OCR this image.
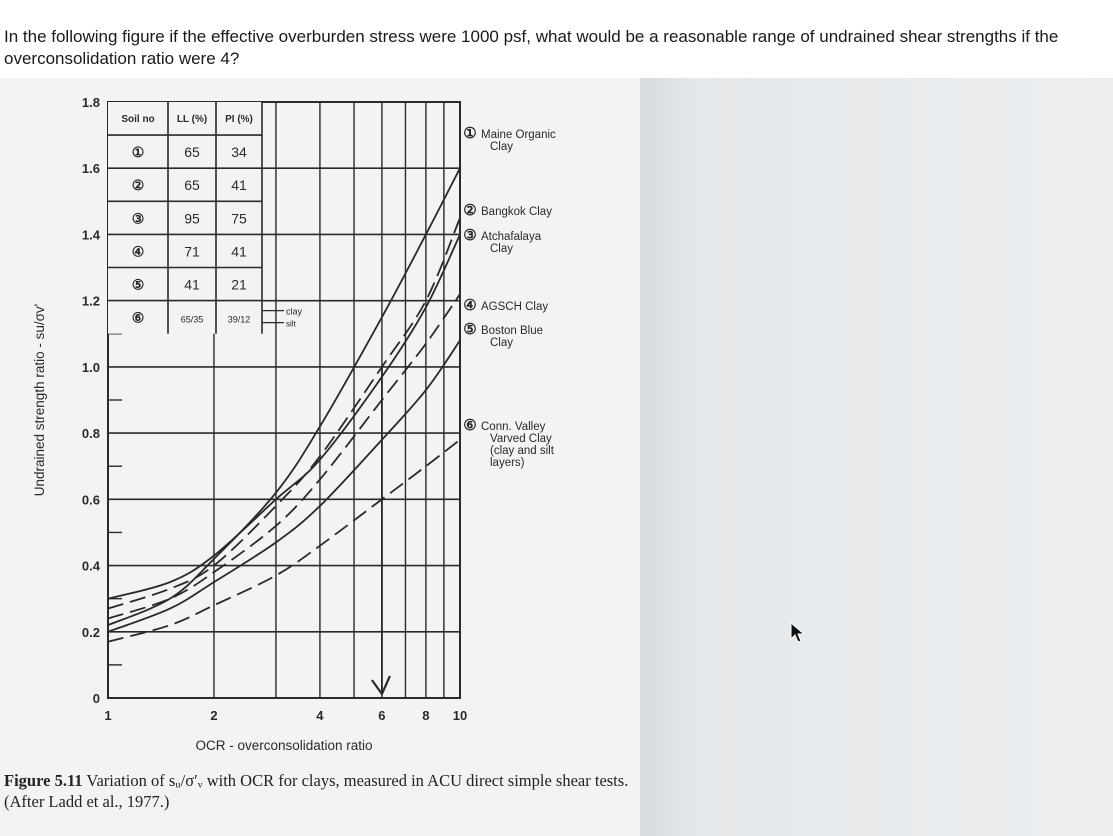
In the following figure if the effective overburden stress were 1000 psf, what would be a reasonable range of undrained shear strengths if the overconsolidation ratio were 4?
0
0.2
0.4
0.6
0.8
1.0
1.2
1.4
1.6
1.8
1	2	4	6	8 10
Soil no LL (%) PI (%)
①	65 34
②	65 41
③	95 75
④	71 41
⑤	41 21
⑥	65/35	39/12
clay
silt
① Maine Organic
Clay
② Bangkok Clay
③ Atchafalaya
Clay
④ AGSCH Clay
⑤ Boston Blue
Clay
⑥ Conn. Valley
Varved Clay
(clay and silt
layers)
OCR - overconsolidation ratio
Undrained strength ratio - su/σv'
Figure 5.11 Variation of sᵤ/σ′ᵥ with OCR for clays, measured in ACU direct simple shear tests. (After Ladd et al., 1977.)
